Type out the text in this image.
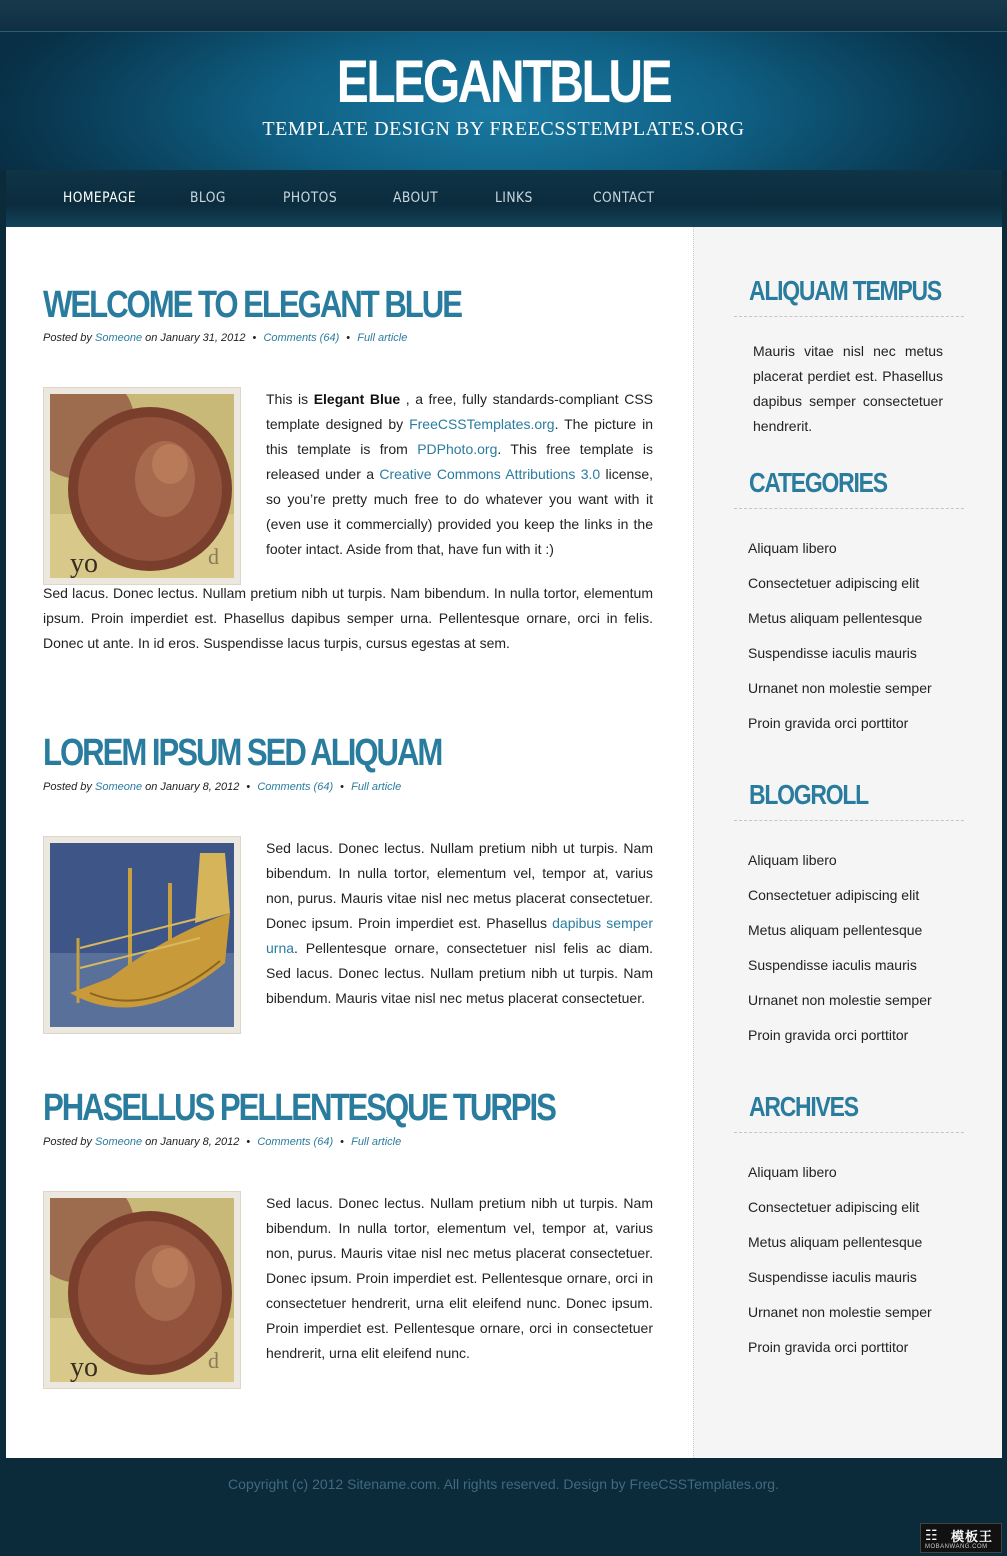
ELEGANTBLUE
TEMPLATE DESIGN BY FREECSSTEMPLATES.ORG
HOMEPAGE	BLOG	PHOTOS	ABOUT	LINKS	CONTACT
WELCOME TO ELEGANT BLUE
Posted by Someone on January 31, 2012 • Comments (64) • Full article
yo	d
This is Elegant Blue , a free, fully standards-compliant CSS template designed by FreeCSSTemplates.org. The picture in this template is from PDPhoto.org. This free template is released under a Creative Commons Attributions 3.0 license, so you’re pretty much free to do whatever you want with it (even use it commercially) provided you keep the links in the footer intact. Aside from that, have fun with it :)
Sed lacus. Donec lectus. Nullam pretium nibh ut turpis. Nam bibendum. In nulla tortor, elementum ipsum. Proin imperdiet est. Phasellus dapibus semper urna. Pellentesque ornare, orci in felis. Donec ut ante. In id eros. Suspendisse lacus turpis, cursus egestas at sem.
LOREM IPSUM SED ALIQUAM
Posted by Someone on January 8, 2012 • Comments (64) • Full article
Sed lacus. Donec lectus. Nullam pretium nibh ut turpis. Nam bibendum. In nulla tortor, elementum vel, tempor at, varius non, purus. Mauris vitae nisl nec metus placerat consectetuer. Donec ipsum. Proin imperdiet est. Phasellus dapibus semper urna. Pellentesque ornare, consectetuer nisl felis ac diam. Sed lacus. Donec lectus. Nullam pretium nibh ut turpis. Nam bibendum. Mauris vitae nisl nec metus placerat consectetuer.
PHASELLUS PELLENTESQUE TURPIS
Posted by Someone on January 8, 2012 • Comments (64) • Full article
yo	d
Sed lacus. Donec lectus. Nullam pretium nibh ut turpis. Nam bibendum. In nulla tortor, elementum vel, tempor at, varius non, purus. Mauris vitae nisl nec metus placerat consectetuer. Donec ipsum. Proin imperdiet est. Pellentesque ornare, orci in consectetuer hendrerit, urna elit eleifend nunc. Donec ipsum. Proin imperdiet est. Pellentesque ornare, orci in consectetuer hendrerit, urna elit eleifend nunc.
ALIQUAM TEMPUS
Mauris vitae nisl nec metus placerat perdiet est. Phasellus dapibus semper consectetuer hendrerit.
CATEGORIES
Aliquam libero
Consectetuer adipiscing elit
Metus aliquam pellentesque
Suspendisse iaculis mauris
Urnanet non molestie semper
Proin gravida orci porttitor
BLOGROLL
Aliquam libero
Consectetuer adipiscing elit
Metus aliquam pellentesque
Suspendisse iaculis mauris
Urnanet non molestie semper
Proin gravida orci porttitor
ARCHIVES
Aliquam libero
Consectetuer adipiscing elit
Metus aliquam pellentesque
Suspendisse iaculis mauris
Urnanet non molestie semper
Proin gravida orci porttitor
Copyright (c) 2012 Sitename.com. All rights reserved. Design by FreeCSSTemplates.org.
☷ 模板王
MOBANWANG.COM
